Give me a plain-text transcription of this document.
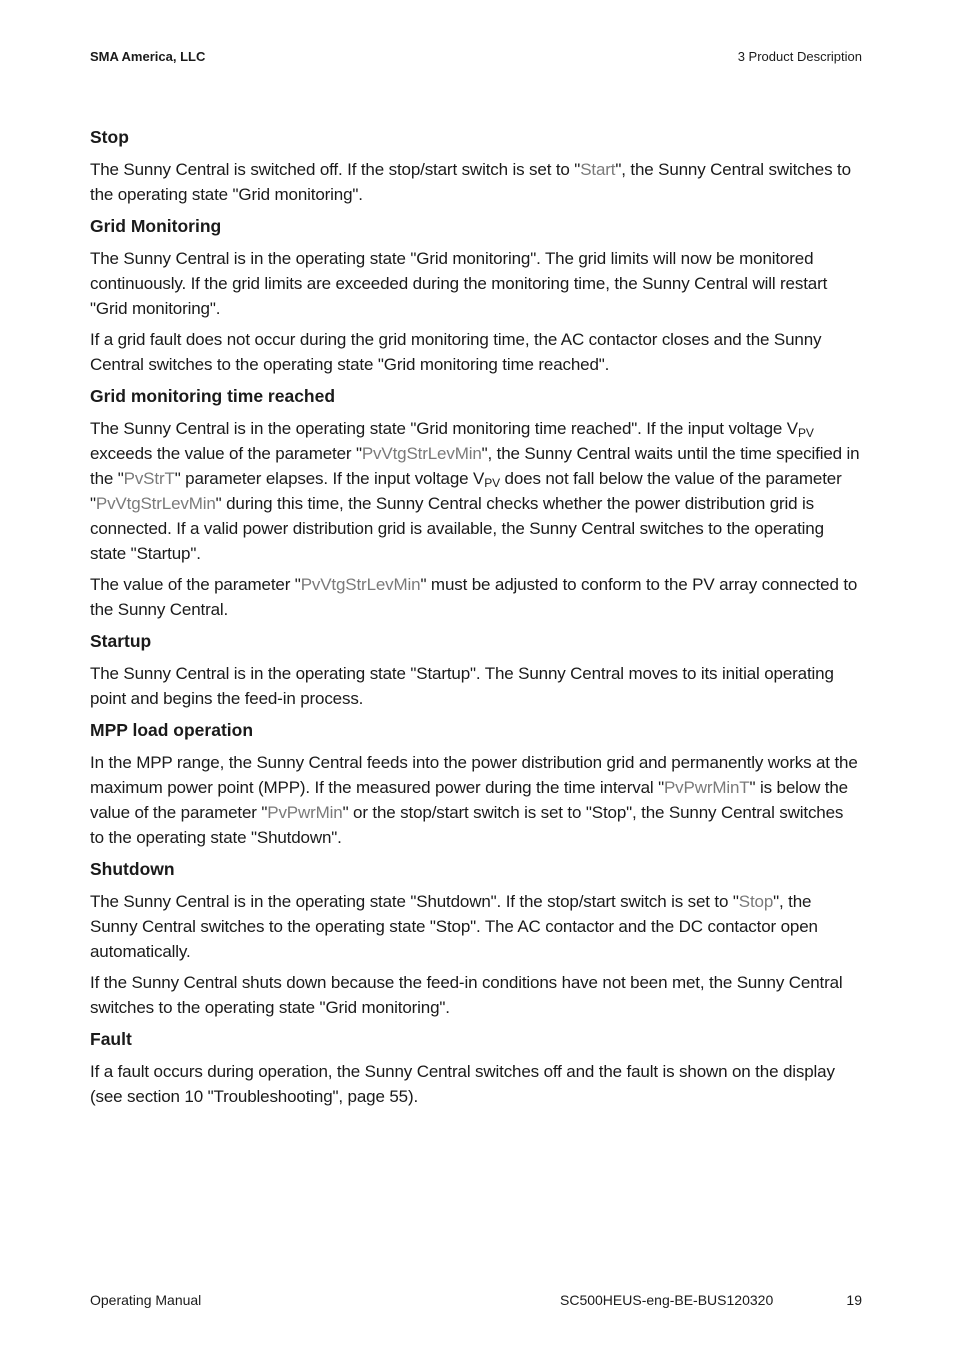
SMA America, LLC	3 Product Description
Stop

The Sunny Central is switched off. If the stop/start switch is set to "Start", the Sunny Central switches to the operating state "Grid monitoring".

Grid Monitoring

The Sunny Central is in the operating state "Grid monitoring". The grid limits will now be monitored continuously. If the grid limits are exceeded during the monitoring time, the Sunny Central will restart "Grid monitoring".

If a grid fault does not occur during the grid monitoring time, the AC contactor closes and the Sunny Central switches to the operating state "Grid monitoring time reached".

Grid monitoring time reached

The Sunny Central is in the operating state "Grid monitoring time reached". If the input voltage $V_{PV}$ exceeds the value of the parameter "PvVtgStrLevMin", the Sunny Central waits until the time specified in the "PvStrT" parameter elapses. If the input voltage $V_{PV}$ does not fall below the value of the parameter "PvVtgStrLevMin" during this time, the Sunny Central checks whether the power distribution grid is connected. If a valid power distribution grid is available, the Sunny Central switches to the operating state "Startup".

The value of the parameter "PvVtgStrLevMin" must be adjusted to conform to the PV array connected to the Sunny Central.

Startup

The Sunny Central is in the operating state "Startup". The Sunny Central moves to its initial operating point and begins the feed-in process.

MPP load operation

In the MPP range, the Sunny Central feeds into the power distribution grid and permanently works at the maximum power point (MPP). If the measured power during the time interval "PvPwrMinT" is below the value of the parameter "PvPwrMin" or the stop/start switch is set to "Stop", the Sunny Central switches to the operating state "Shutdown".

Shutdown

The Sunny Central is in the operating state "Shutdown". If the stop/start switch is set to "Stop", the Sunny Central switches to the operating state "Stop". The AC contactor and the DC contactor open automatically.

If the Sunny Central shuts down because the feed-in conditions have not been met, the Sunny Central switches to the operating state "Grid monitoring".

Fault

If a fault occurs during operation, the Sunny Central switches off and the fault is shown on the display (see section 10 "Troubleshooting", page 55).

Operating Manual	SC500HEUS-eng-BE-BUS120320	19
